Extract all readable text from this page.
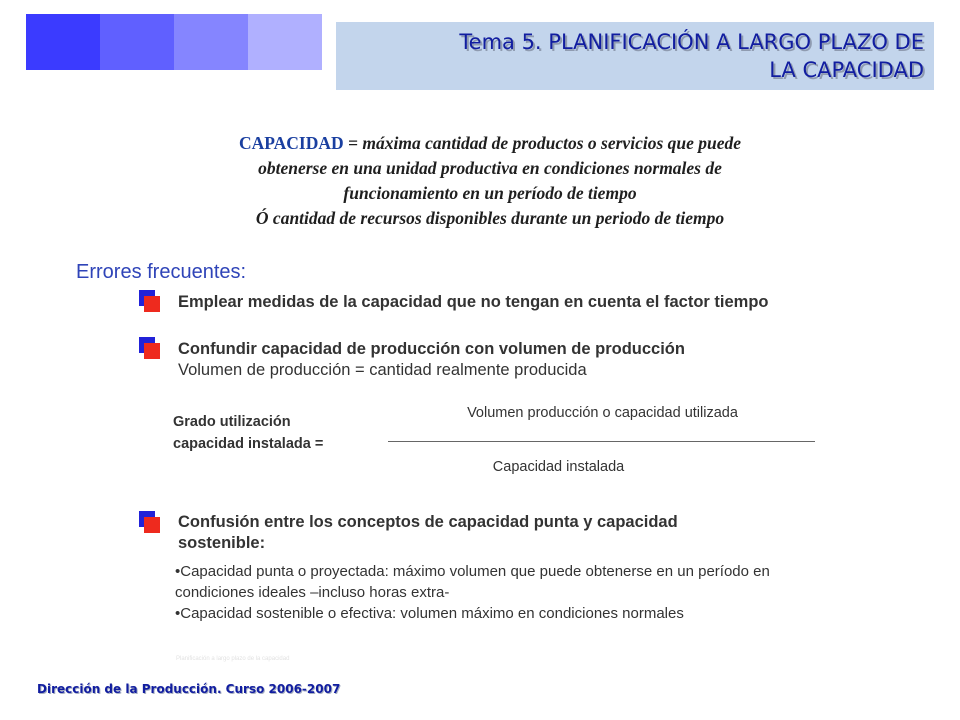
Tema 5. PLANIFICACIÓN A LARGO PLAZO DE
LA CAPACIDAD
CAPACIDAD = máxima cantidad de productos o servicios que puede
obtenerse en una unidad productiva en condiciones normales de
funcionamiento en un período de tiempo
Ó cantidad de recursos disponibles durante un periodo de tiempo
Errores frecuentes:
Emplear medidas de la capacidad que no tengan en cuenta el factor tiempo
Confundir capacidad de producción con volumen de producción
Volumen de producción = cantidad realmente producida
Grado utilización
capacidad instalada =
Volumen producción o capacidad utilizada
Capacidad instalada
Confusión entre los conceptos de capacidad punta y capacidad
sostenible:
•Capacidad punta o proyectada: máximo volumen que puede obtenerse en un período en
condiciones ideales –incluso horas extra-
•Capacidad sostenible o efectiva: volumen máximo en condiciones normales
Planificación a largo plazo de la capacidad
Dirección de la Producción. Curso 2006-2007
